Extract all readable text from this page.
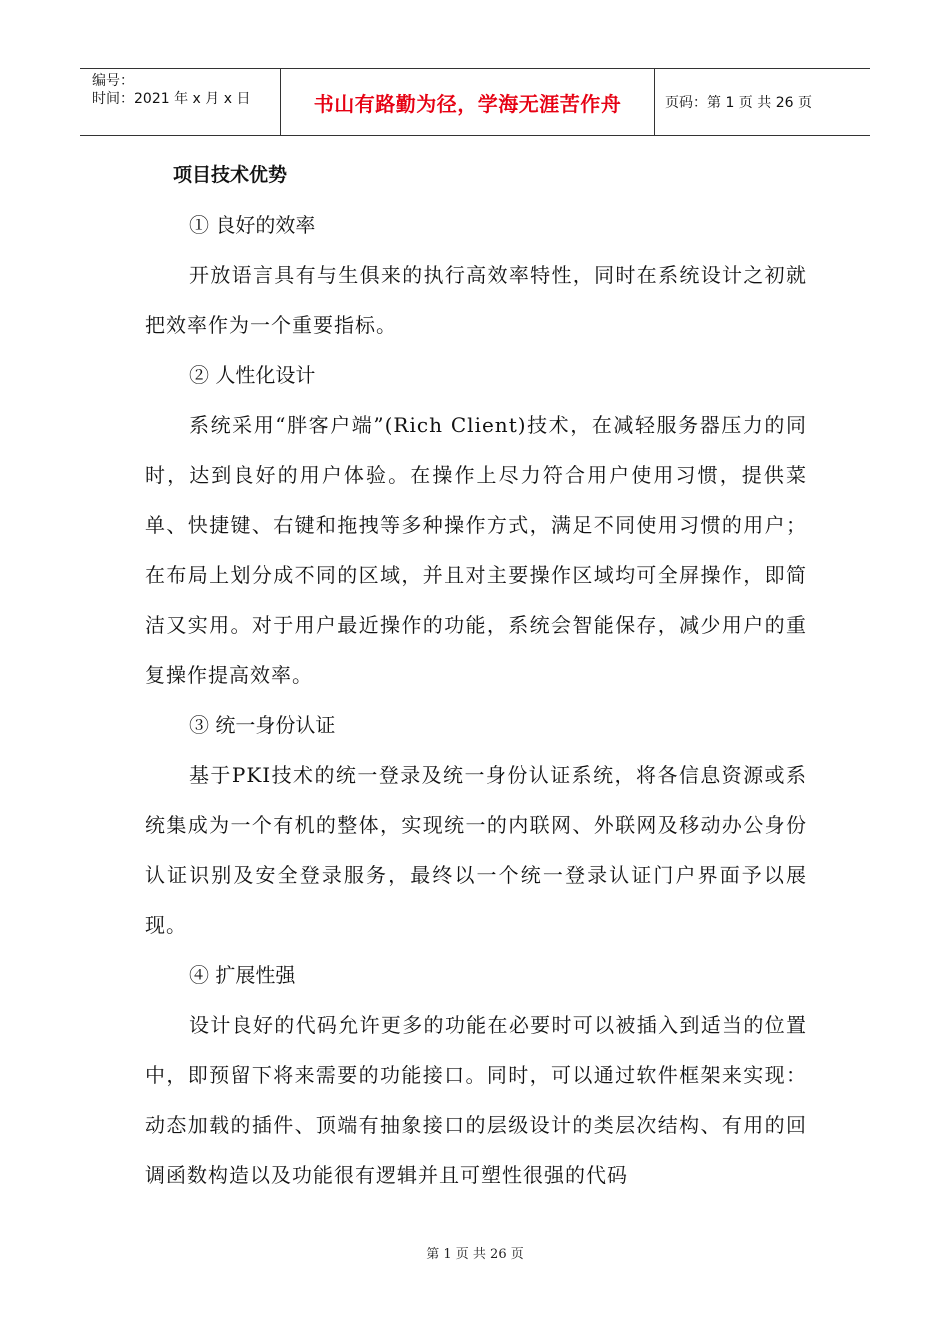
编号：
时间：2021 年 x 月 x 日	书山有路勤为径，学海无涯苦作舟	页码：第 1 页 共 26 页
项目技术优势
① 良好的效率
开放语言具有与生俱来的执行高效率特性，同时在系统设计之初就把效率作为一个重要指标。
② 人性化设计
系统采用“胖客户端”(Rich Client)技术，在减轻服务器压力的同时，达到良好的用户体验。在操作上尽力符合用户使用习惯，提供菜单、快捷键、右键和拖拽等多种操作方式，满足不同使用习惯的用户；在布局上划分成不同的区域，并且对主要操作区域均可全屏操作，即简洁又实用。对于用户最近操作的功能，系统会智能保存，减少用户的重复操作提高效率。
③ 统一身份认证
基于PKI技术的统一登录及统一身份认证系统，将各信息资源或系统集成为一个有机的整体，实现统一的内联网、外联网及移动办公身份认证识别及安全登录服务，最终以一个统一登录认证门户界面予以展现。
④ 扩展性强
设计良好的代码允许更多的功能在必要时可以被插入到适当的位置中，即预留下将来需要的功能接口。同时，可以通过软件框架来实现：动态加载的插件、顶端有抽象接口的层级设计的类层次结构、有用的回调函数构造以及功能很有逻辑并且可塑性很强的代码
第 1 页 共 26 页
